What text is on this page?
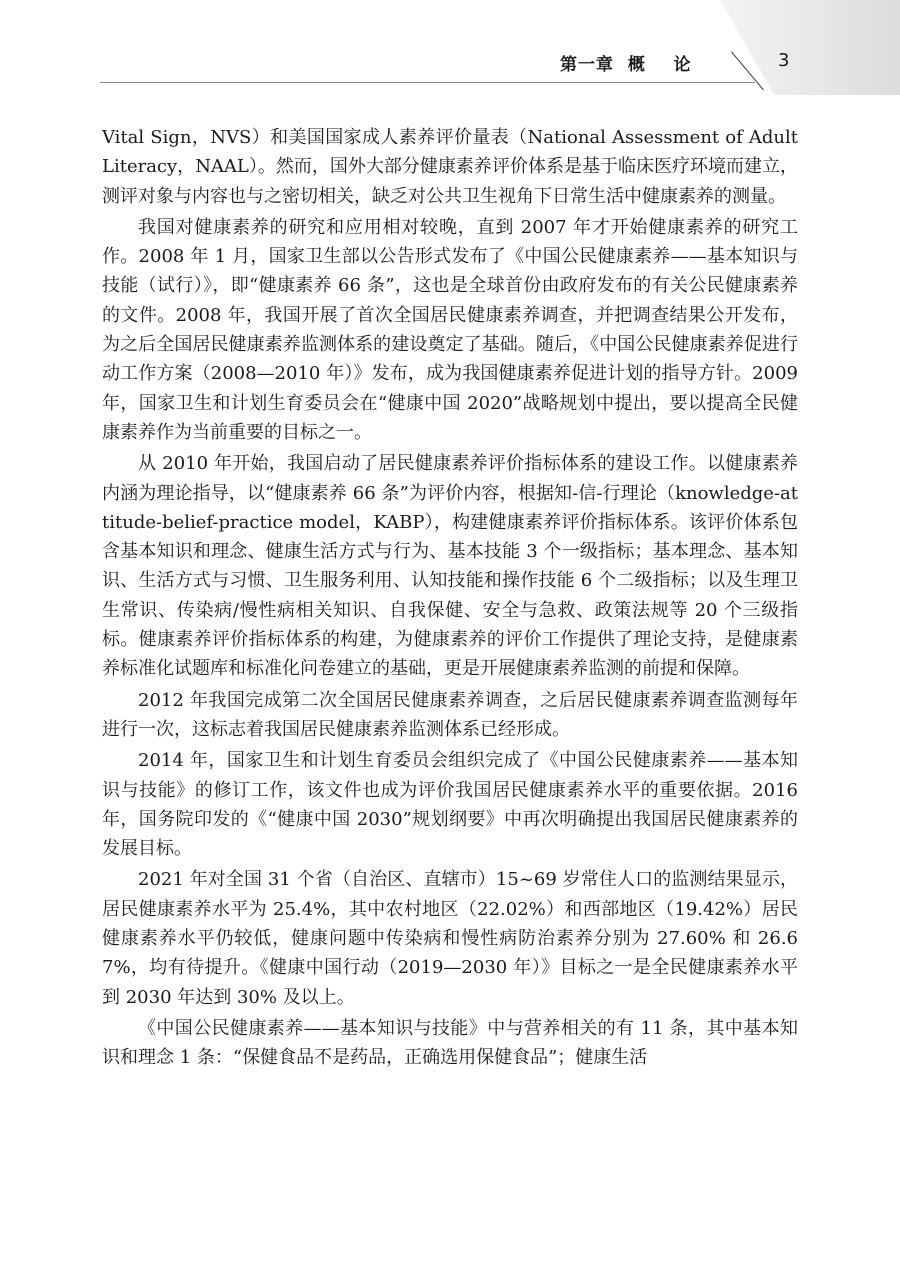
第一章  概    论	3

Vital Sign，NVS）和美国国家成人素养评价量表（National Assessment of Adult Literacy，NAAL）。然而，国外大部分健康素养评价体系是基于临床医疗环境而建立，测评对象与内容也与之密切相关，缺乏对公共卫生视角下日常生活中健康素养的测量。

我国对健康素养的研究和应用相对较晚，直到 2007 年才开始健康素养的研究工作。2008 年 1 月，国家卫生部以公告形式发布了《中国公民健康素养——基本知识与技能（试行）》，即“健康素养 66 条”，这也是全球首份由政府发布的有关公民健康素养的文件。2008 年，我国开展了首次全国居民健康素养调查，并把调查结果公开发布，为之后全国居民健康素养监测体系的建设奠定了基础。随后，《中国公民健康素养促进行动工作方案（2008—2010 年）》发布，成为我国健康素养促进计划的指导方针。2009 年，国家卫生和计划生育委员会在“健康中国 2020”战略规划中提出，要以提高全民健康素养作为当前重要的目标之一。

从 2010 年开始，我国启动了居民健康素养评价指标体系的建设工作。以健康素养内涵为理论指导，以“健康素养 66 条”为评价内容，根据知-信-行理论（knowledge-attitude-belief-practice model，KABP），构建健康素养评价指标体系。该评价体系包含基本知识和理念、健康生活方式与行为、基本技能 3 个一级指标；基本理念、基本知识、生活方式与习惯、卫生服务利用、认知技能和操作技能 6 个二级指标；以及生理卫生常识、传染病/慢性病相关知识、自我保健、安全与急救、政策法规等 20 个三级指标。健康素养评价指标体系的构建，为健康素养的评价工作提供了理论支持，是健康素养标准化试题库和标准化问卷建立的基础，更是开展健康素养监测的前提和保障。

2012 年我国完成第二次全国居民健康素养调查，之后居民健康素养调查监测每年进行一次，这标志着我国居民健康素养监测体系已经形成。

2014 年，国家卫生和计划生育委员会组织完成了《中国公民健康素养——基本知识与技能》的修订工作，该文件也成为评价我国居民健康素养水平的重要依据。2016 年，国务院印发的《“健康中国 2030”规划纲要》中再次明确提出我国居民健康素养的发展目标。

2021 年对全国 31 个省（自治区、直辖市）15~69 岁常住人口的监测结果显示，居民健康素养水平为 25.4%，其中农村地区（22.02%）和西部地区（19.42%）居民健康素养水平仍较低，健康问题中传染病和慢性病防治素养分别为 27.60% 和 26.67%，均有待提升。《健康中国行动（2019—2030 年）》目标之一是全民健康素养水平到 2030 年达到 30% 及以上。

《中国公民健康素养——基本知识与技能》中与营养相关的有 11 条，其中基本知识和理念 1 条：“保健食品不是药品，正确选用保健食品”；健康生活
